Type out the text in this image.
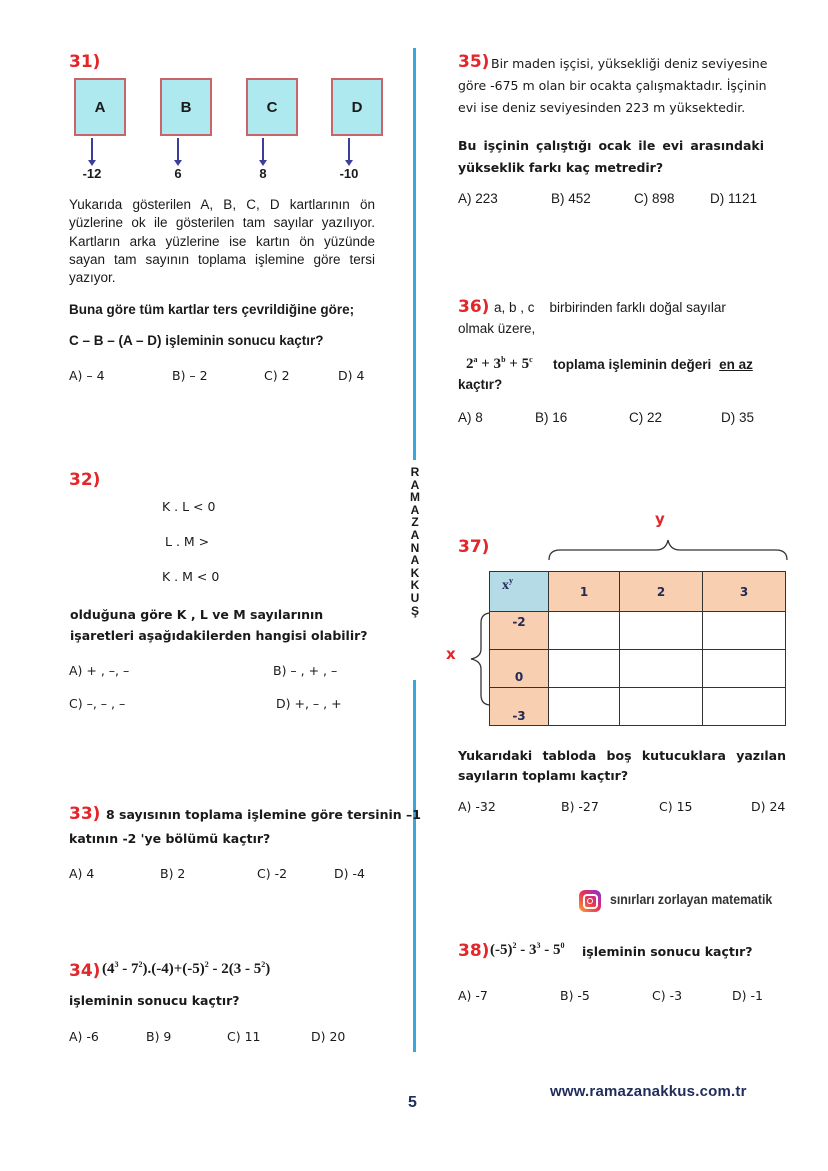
R
A
M
A
Z
A
N
A
K
K
U
Ş
31)
A	B	C	D
-12	6	8	-10

Yukarıda gösterilen A, B, C, D kartlarının ön yüzlerine ok ile gösterilen tam sayılar yazılıyor. Kartların arka yüzlerine ise kartın ön yüzünde sayan tam sayının toplama işlemine göre tersi yazıyor.

Buna göre tüm kartlar ters çevrildiğine göre;

C – B – (A – D) işleminin sonucu kaçtır?

A) – 4	B) – 2	C) 2	D) 4
32)
K . L < 0
L . M >
K . M < 0

olduğuna göre K , L ve M sayılarının işaretleri aşağıdakilerden hangisi olabilir?

A) + , –, –	B) – , + , –
C) –, – , –	D) +, – , +
33) 8 sayısının toplama işlemine göre tersinin –1

katının -2 'ye bölümü kaçtır?

A) 4	B) 2	C) -2	D) -4
34) $(4^3 - 7^2).(-4)+(-5)^2 - 2(3 - 5^2)$

işleminin sonucu kaçtır?

A) -6	B) 9	C) 11	D) 20
35) Bir maden işçisi, yüksekliği deniz seviyesine

göre -675 m olan bir ocakta çalışmaktadır. İşçinin

evi ise deniz seviyesinden 223 m yüksektedir.

Bu işçinin çalıştığı ocak ile evi arasındaki yükseklik farkı kaç metredir?

A) 223	B) 452	C) 898	D) 1121
36) a, b , c    birbirinden farklı doğal sayılar

olmak üzere,

$2^a + 3^b + 5^c$ toplama işleminin değeri en az

kaçtır?

A) 8	B) 16	C) 22	D) 35
37)
y
x
$x^y$	1	2	3
-2			
0			
-3			

Yukarıdaki tabloda boş kutucuklara yazılan sayıların toplamı kaçtır?

A) -32	B) -27	C) 15	D) 24
sınırları zorlayan matematik
38) $(-5)^2 - 3^3 - 5^0$ işleminin sonucu kaçtır?

A) -7	B) -5	C) -3	D) -1
5
www.ramazanakkus.com.tr
